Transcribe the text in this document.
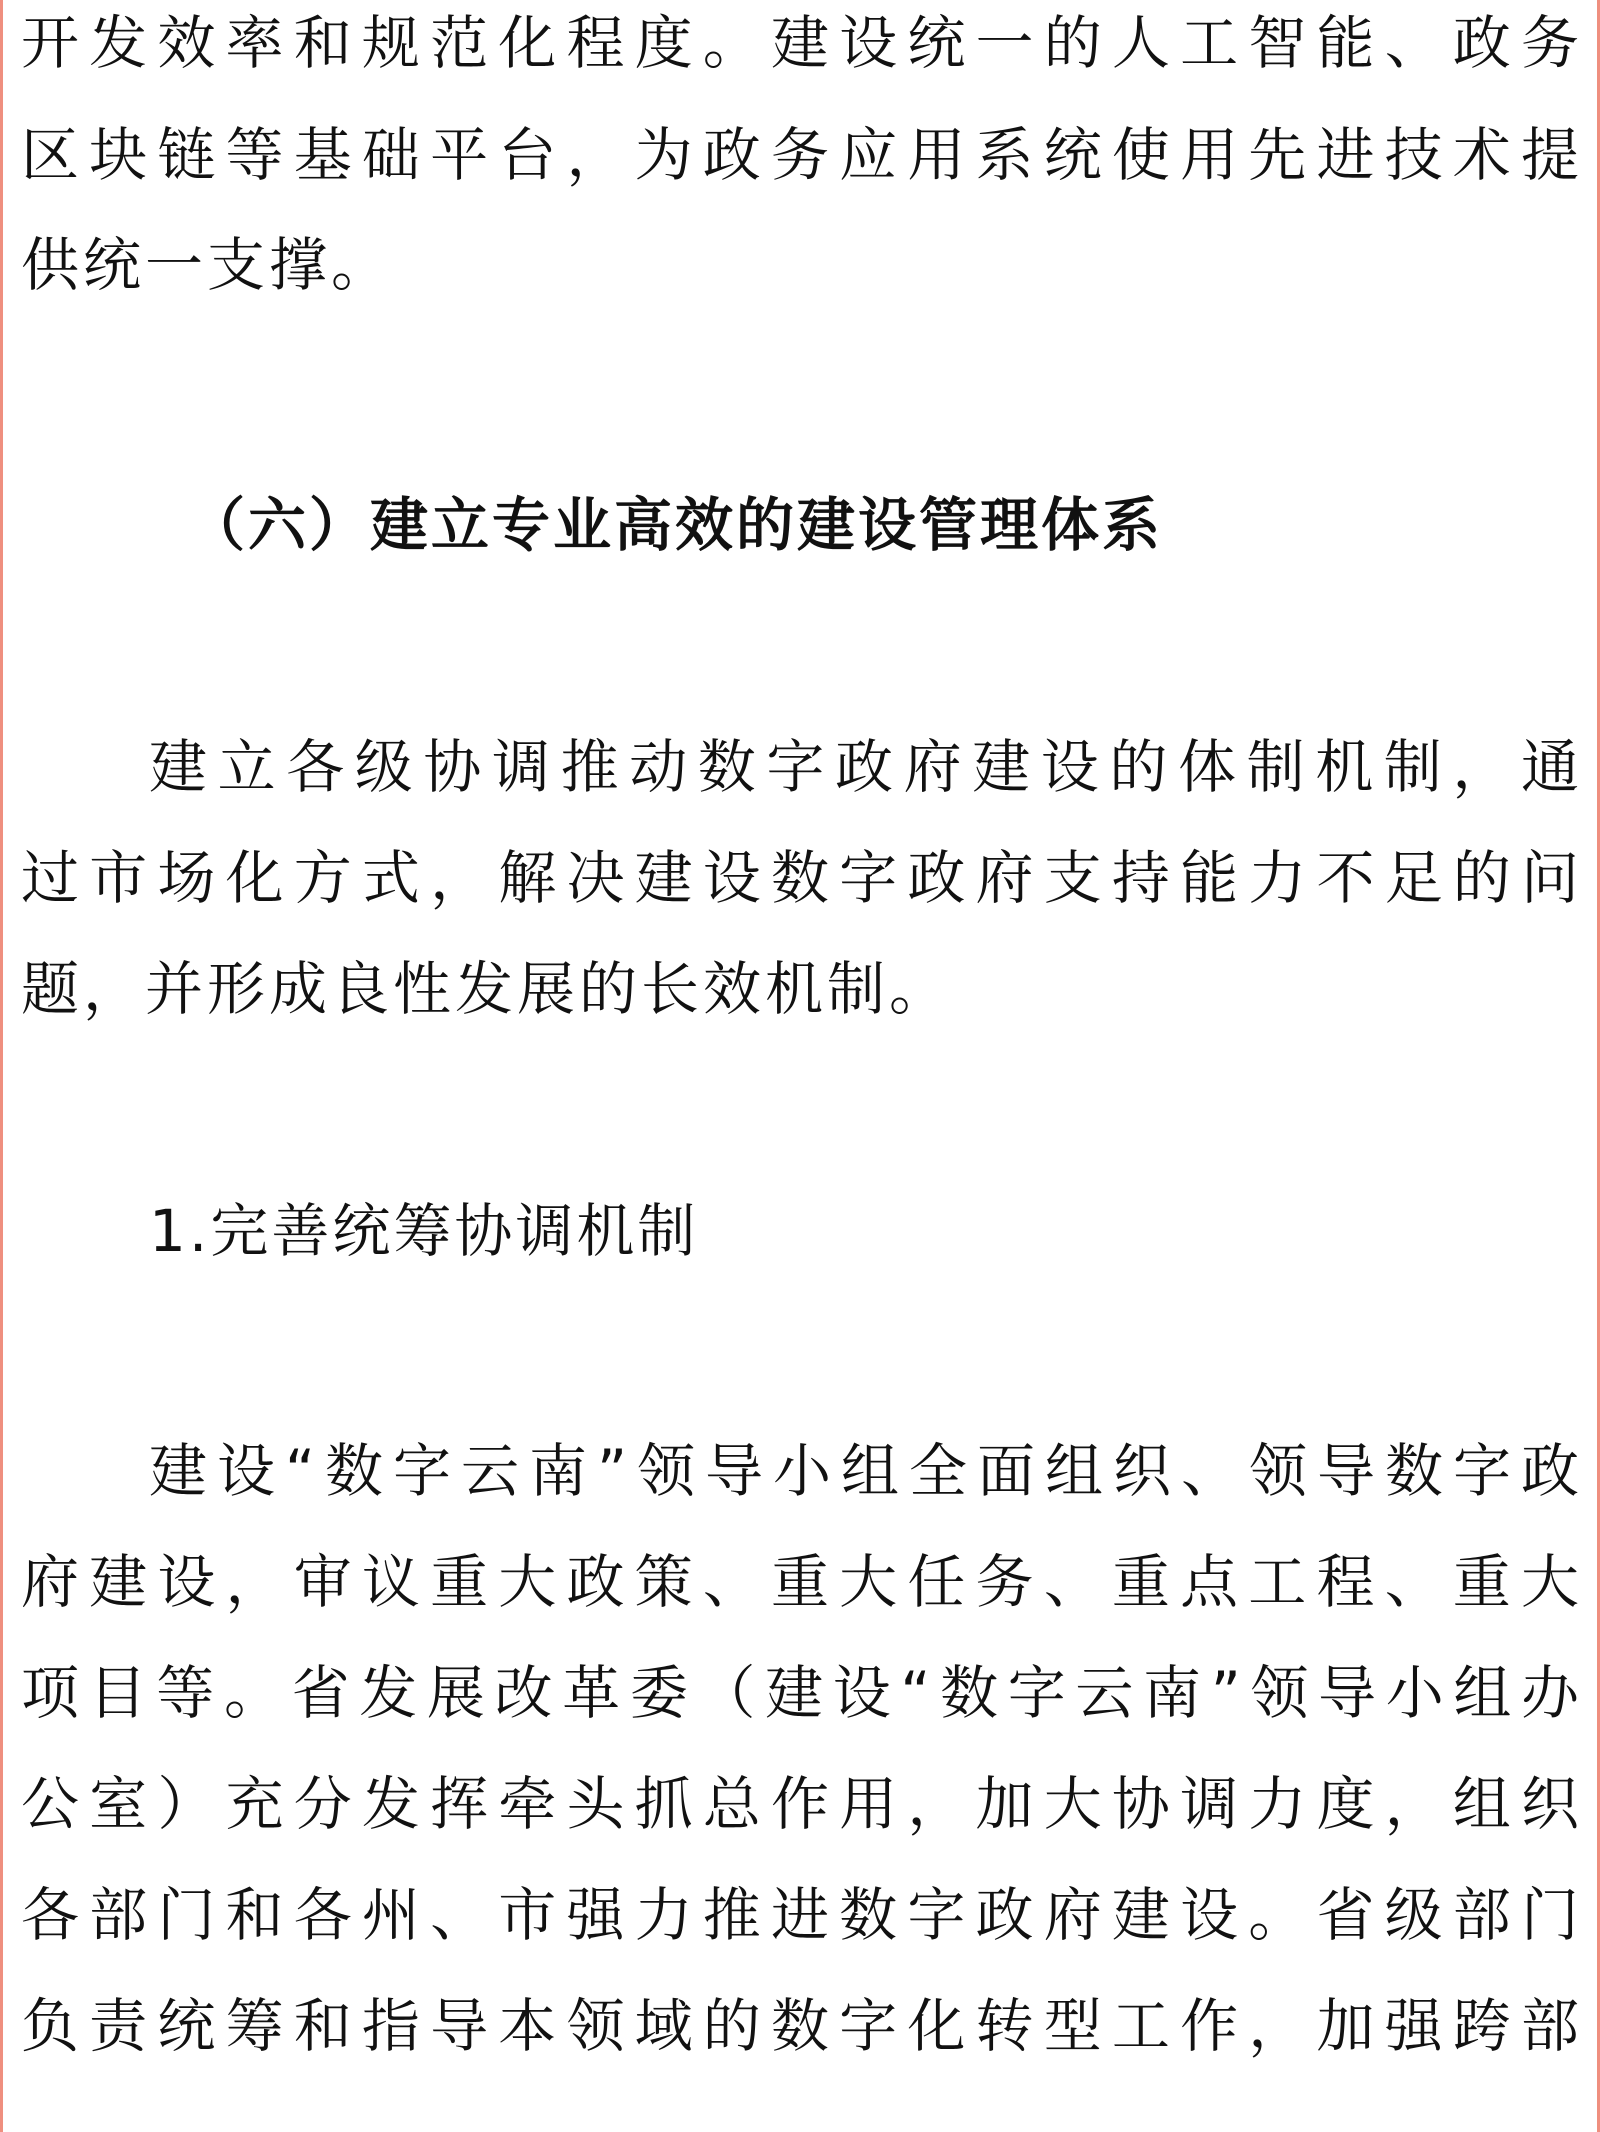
开发效率和规范化程度。建设统一的人工智能、政务

区块链等基础平台，为政务应用系统使用先进技术提

供统一支撑。

（六）建立专业高效的建设管理体系

建立各级协调推动数字政府建设的体制机制，通

过市场化方式，解决建设数字政府支持能力不足的问

题，并形成良性发展的长效机制。

1.完善统筹协调机制

建设“数字云南”领导小组全面组织、领导数字政

府建设，审议重大政策、重大任务、重点工程、重大

项目等。省发展改革委（建设“数字云南”领导小组办

公室）充分发挥牵头抓总作用，加大协调力度，组织

各部门和各州、市强力推进数字政府建设。省级部门

负责统筹和指导本领域的数字化转型工作，加强跨部
